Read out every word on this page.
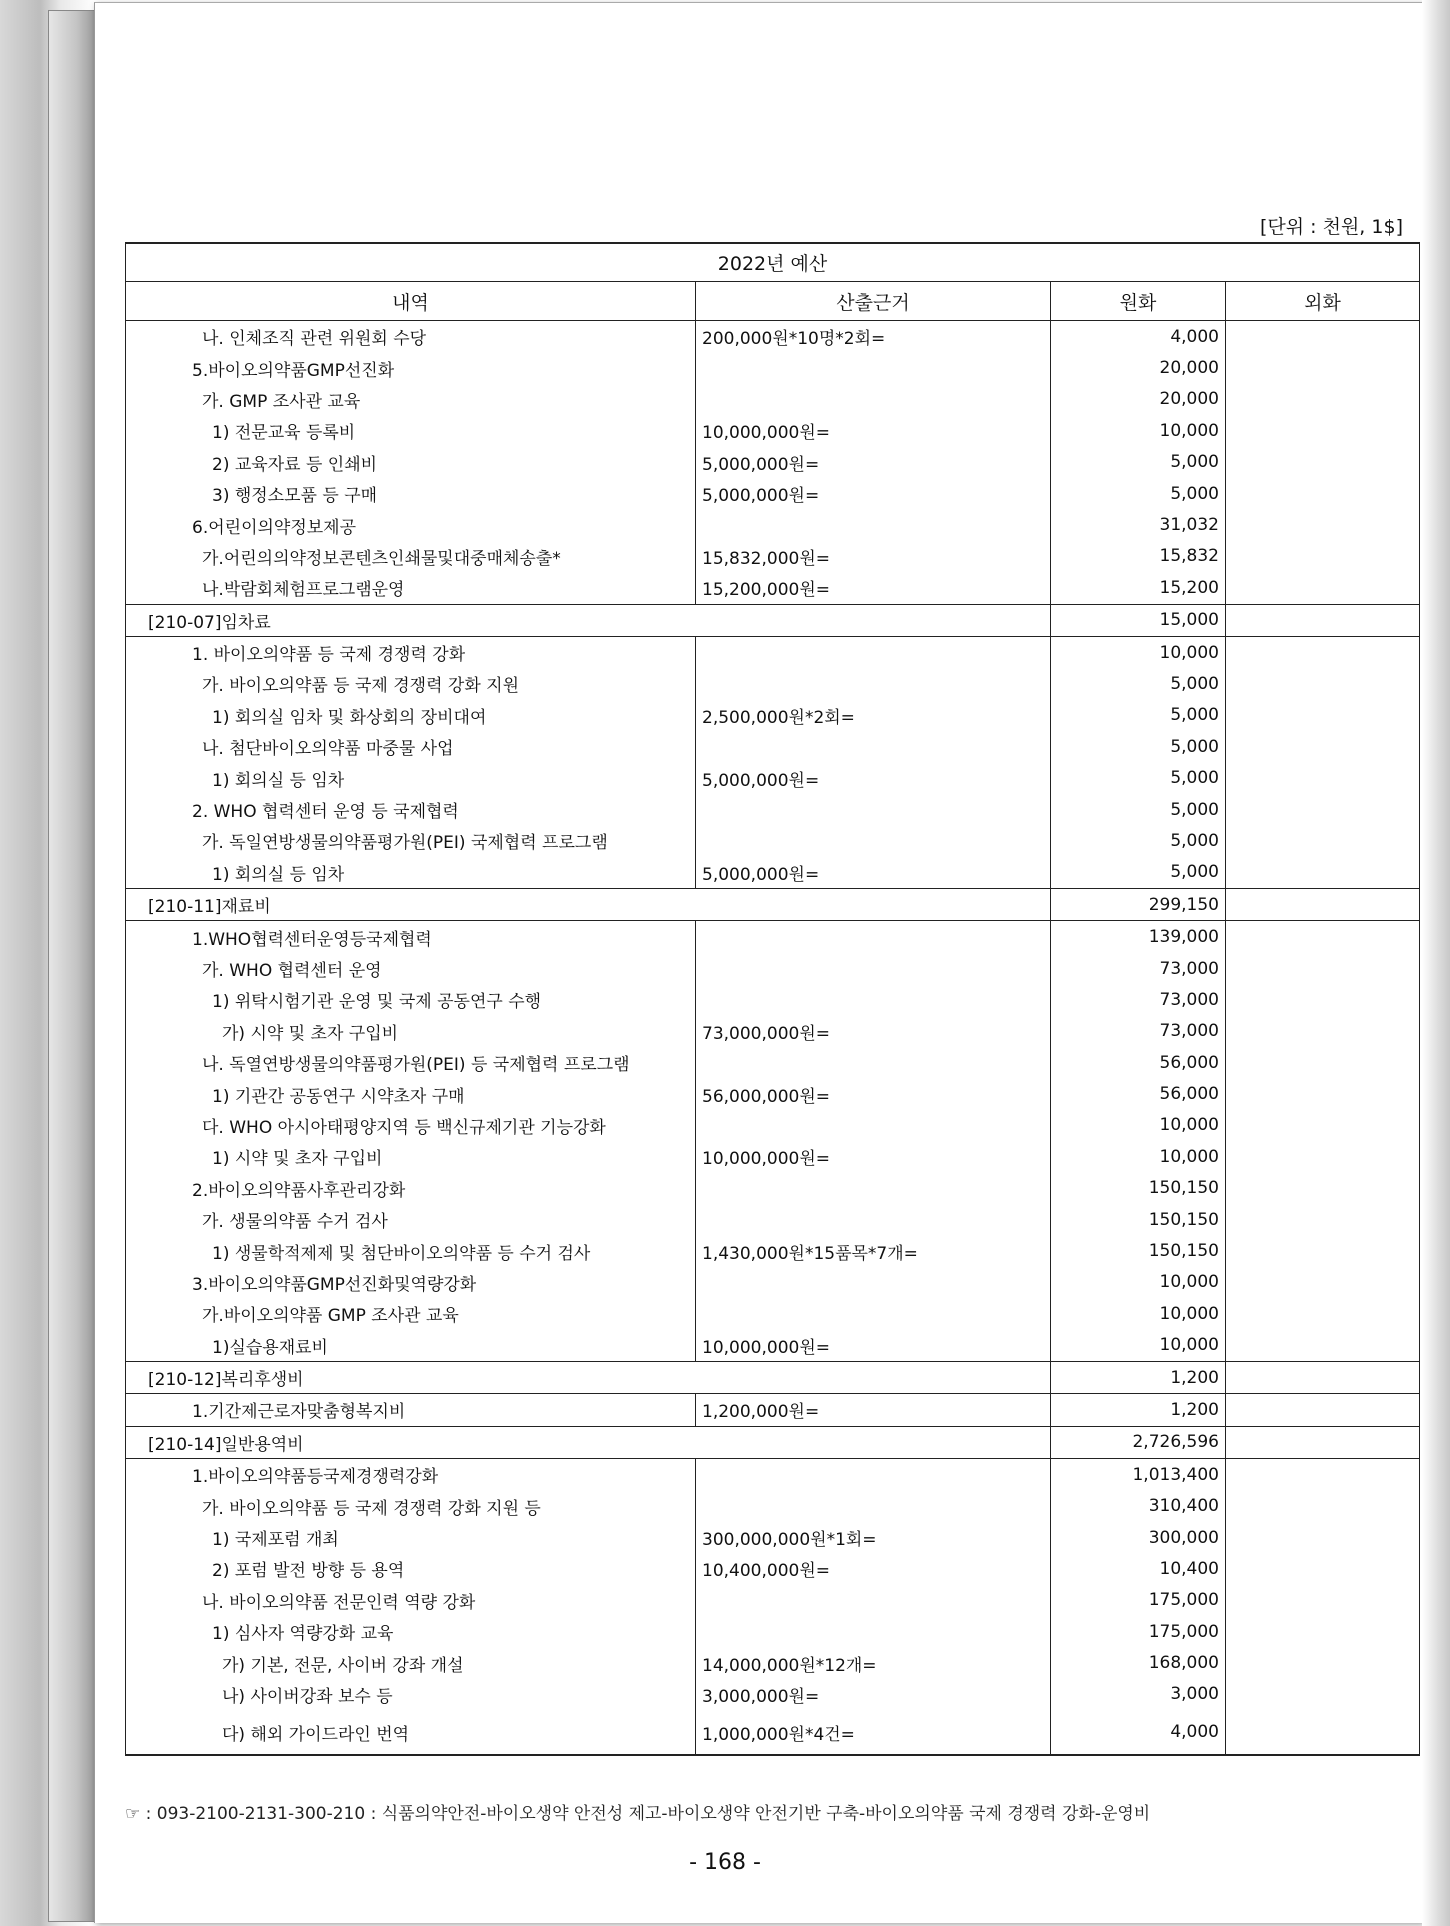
[단위 : 천원, 1$]
2022년 예산			
내역	산출근거	원화	외화
나. 인체조직 관련 위원회 수당	200,000원*10명*2회=	4,000	
5.바이오의약품GMP선진화		20,000	
가. GMP 조사관 교육		20,000	
1) 전문교육 등록비	10,000,000원=	10,000	
2) 교육자료 등 인쇄비	5,000,000원=	5,000	
3) 행정소모품 등 구매	5,000,000원=	5,000	
6.어린이의약정보제공		31,032	
가.어린의의약정보콘텐츠인쇄물및대중매체송출*	15,832,000원=	15,832	
나.박람회체험프로그램운영	15,200,000원=	15,200	
[210-07]임차료		15,000	
1. 바이오의약품 등 국제 경쟁력 강화		10,000	
가. 바이오의약품 등 국제 경쟁력 강화 지원		5,000	
1) 회의실 임차 및 화상회의 장비대여	2,500,000원*2회=	5,000	
나. 첨단바이오의약품 마중물 사업		5,000	
1) 회의실 등 임차	5,000,000원=	5,000	
2. WHO 협력센터 운영 등 국제협력		5,000	
가. 독일연방생물의약품평가원(PEI) 국제협력 프로그램		5,000	
1) 회의실 등 임차	5,000,000원=	5,000	
[210-11]재료비		299,150	
1.WHO협력센터운영등국제협력		139,000	
가. WHO 협력센터 운영		73,000	
1) 위탁시험기관 운영 및 국제 공동연구 수행		73,000	
가) 시약 및 초자 구입비	73,000,000원=	73,000	
나. 독열연방생물의약품평가원(PEI) 등 국제협력 프로그램		56,000	
1) 기관간 공동연구 시약초자 구매	56,000,000원=	56,000	
다. WHO 아시아태평양지역 등 백신규제기관 기능강화		10,000	
1) 시약 및 초자 구입비	10,000,000원=	10,000	
2.바이오의약품사후관리강화		150,150	
가. 생물의약품 수거 검사		150,150	
1) 생물학적제제 및 첨단바이오의약품 등 수거 검사	1,430,000원*15품목*7개=	150,150	
3.바이오의약품GMP선진화및역량강화		10,000	
가.바이오의약품 GMP 조사관 교육		10,000	
1)실습용재료비	10,000,000원=	10,000	
[210-12]복리후생비		1,200	
1.기간제근로자맞춤형복지비	1,200,000원=	1,200	
[210-14]일반용역비		2,726,596	
1.바이오의약품등국제경쟁력강화		1,013,400	
가. 바이오의약품 등 국제 경쟁력 강화 지원 등		310,400	
1) 국제포럼 개최	300,000,000원*1회=	300,000	
2) 포럼 발전 방향 등 용역	10,400,000원=	10,400	
나. 바이오의약품 전문인력 역량 강화		175,000	
1) 심사자 역량강화 교육		175,000	
가) 기본, 전문, 사이버 강좌 개설	14,000,000원*12개=	168,000	
나) 사이버강좌 보수 등	3,000,000원=	3,000	
다) 해외 가이드라인 번역	1,000,000원*4건=	4,000	
☞ : 093-2100-2131-300-210 : 식품의약안전-바이오생약 안전성 제고-바이오생약 안전기반 구축-바이오의약품 국제 경쟁력 강화-운영비
- 168 -
